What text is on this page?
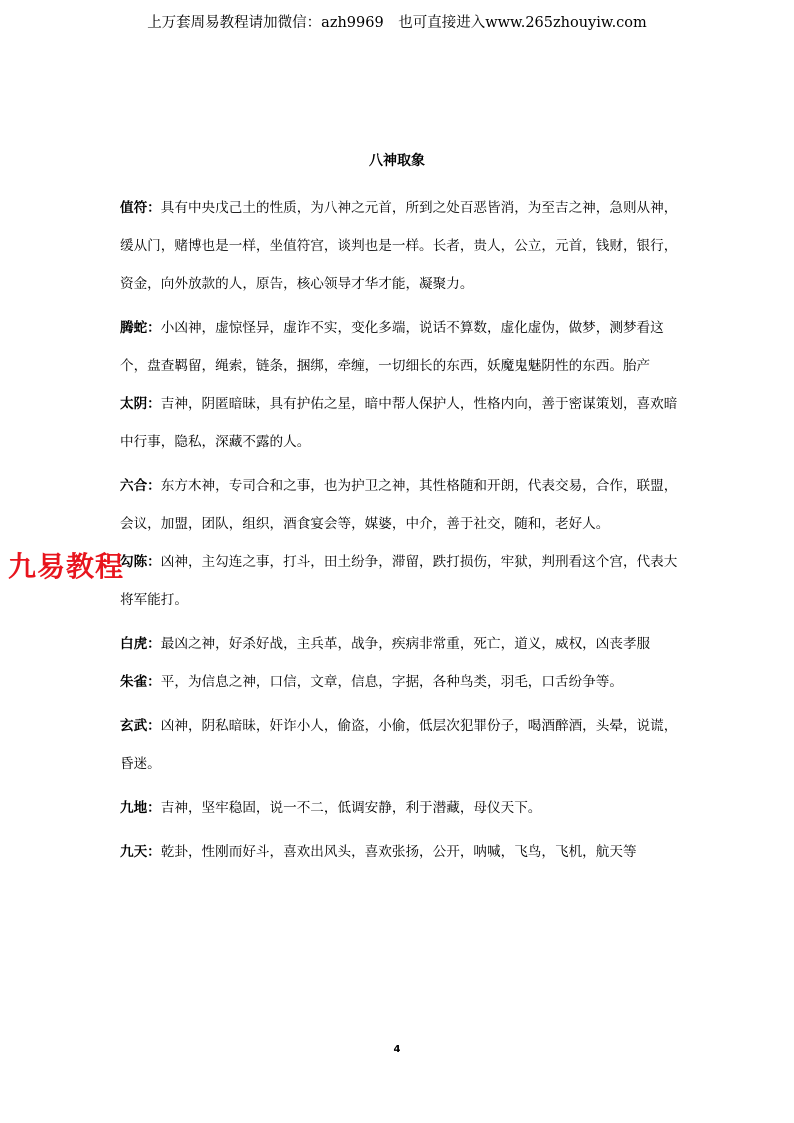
上万套周易教程请加微信：azh9969　也可直接进入www.265zhouyiw.com
八神取象

值符：具有中央戊己土的性质，为八神之元首，所到之处百恶皆消，为至吉之神，急则从神，缓从门，赌博也是一样，坐值符宫，谈判也是一样。长者，贵人，公立，元首，钱财，银行，资金，向外放款的人，原告，核心领导才华才能，凝聚力。

腾蛇：小凶神，虚惊怪异，虚诈不实，变化多端，说话不算数，虚化虚伪，做梦，测梦看这个，盘查羁留，绳索，链条，捆绑，牵缠，一切细长的东西，妖魔鬼魅阴性的东西。胎产

太阴：吉神，阴匿暗昧，具有护佑之星，暗中帮人保护人，性格内向，善于密谋策划，喜欢暗中行事，隐私，深藏不露的人。

六合：东方木神，专司合和之事，也为护卫之神，其性格随和开朗，代表交易，合作，联盟，会议，加盟，团队，组织，酒食宴会等，媒婆，中介，善于社交，随和，老好人。

勾陈：凶神，主勾连之事，打斗，田土纷争，滞留，跌打损伤，牢狱，判刑看这个宫，代表大将军能打。

白虎：最凶之神，好杀好战，主兵革，战争，疾病非常重，死亡，道义，威权，凶丧孝服

朱雀：平，为信息之神，口信，文章，信息，字据，各种鸟类，羽毛，口舌纷争等。

玄武：凶神，阴私暗昧，奸诈小人，偷盗，小偷，低层次犯罪份子，喝酒醉酒，头晕，说谎，昏迷。

九地：吉神，坚牢稳固，说一不二，低调安静，利于潜藏，母仪天下。

九天：乾卦，性刚而好斗，喜欢出风头，喜欢张扬，公开，呐喊，飞鸟，飞机，航天等

九易教程
4
